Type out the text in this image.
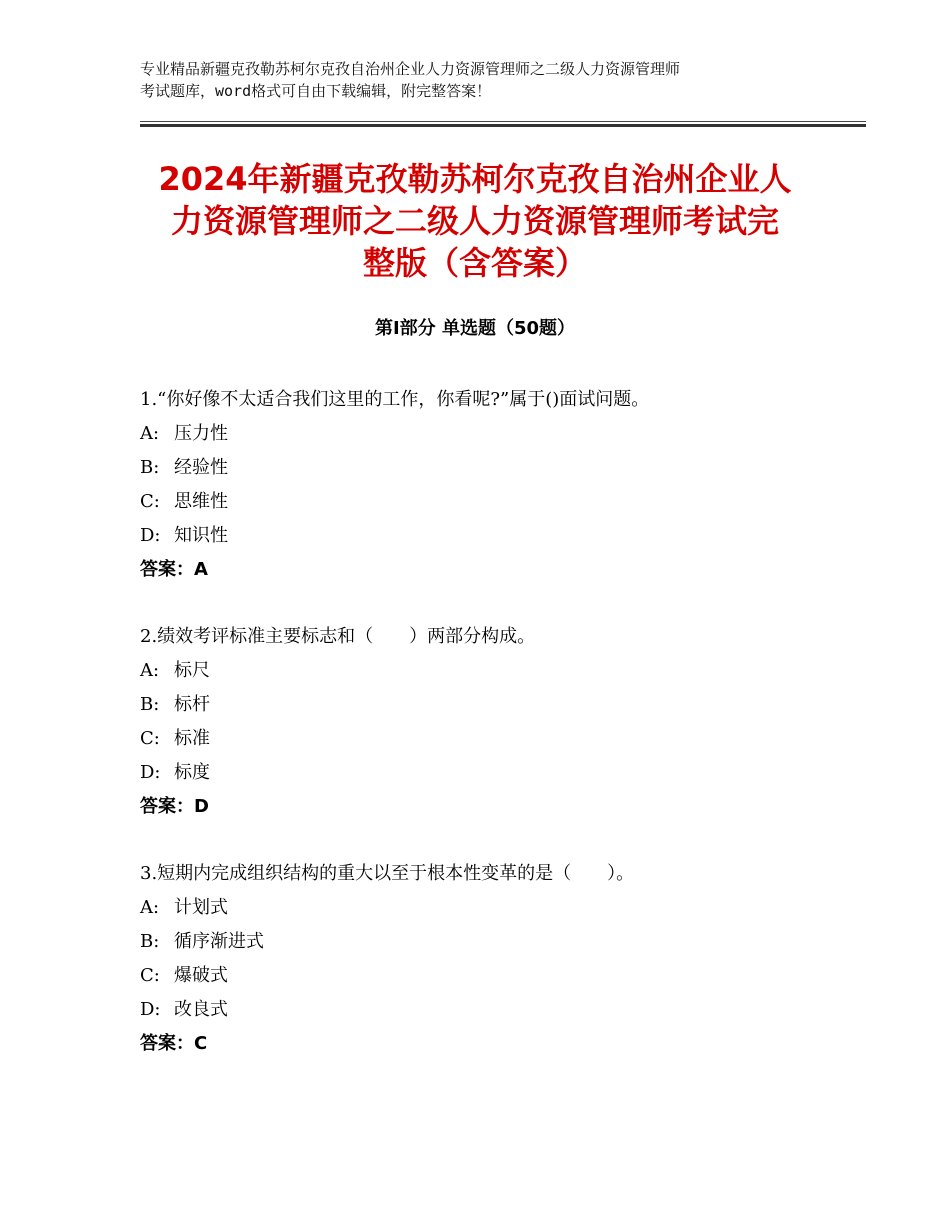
专业精品新疆克孜勒苏柯尔克孜自治州企业人力资源管理师之二级人力资源管理师
考试题库，word格式可自由下载编辑，附完整答案！
2024年新疆克孜勒苏柯尔克孜自治州企业人
力资源管理师之二级人力资源管理师考试完
整版（含答案）
第Ⅰ部分 单选题（50题）
1.“你好像不太适合我们这里的工作，你看呢?”属于()面试问题。
A: 压力性
B: 经验性
C: 思维性
D: 知识性
答案：A
2.绩效考评标准主要标志和（　　）两部分构成。
A: 标尺
B: 标杆
C: 标准
D: 标度
答案：D
3.短期内完成组织结构的重大以至于根本性变革的是（　　）。
A: 计划式
B: 循序渐进式
C: 爆破式
D: 改良式
答案：C
